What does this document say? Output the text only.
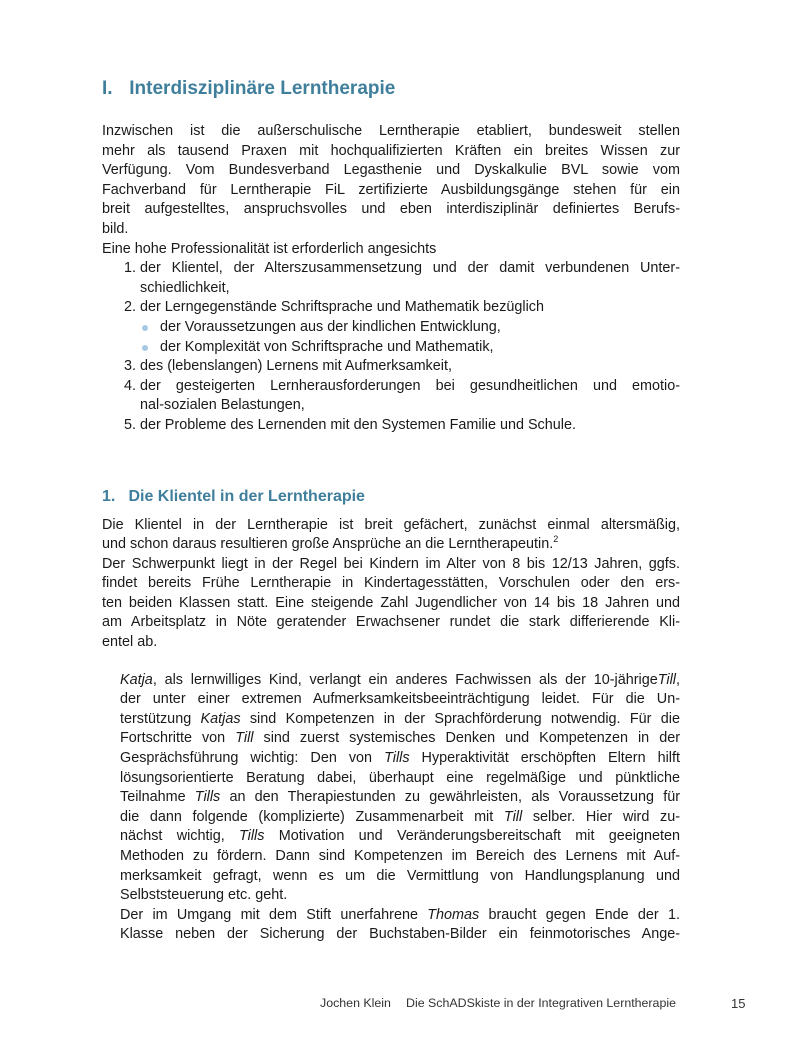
I. Interdisziplinäre Lerntherapie
Inzwischen ist die außerschulische Lerntherapie etabliert, bundesweit stellen
mehr als tausend Praxen mit hochqualifizierten Kräften ein breites Wissen zur
Verfügung. Vom Bundesverband Legasthenie und Dyskalkulie BVL sowie vom
Fachverband für Lerntherapie FiL zertifizierte Ausbildungsgänge stehen für ein
breit aufgestelltes, anspruchsvolles und eben interdisziplinär definiertes Berufs-
bild.
Eine hohe Professionalität ist erforderlich angesichts
1. der Klientel, der Alterszusammensetzung und der damit verbundenen Unter-
schiedlichkeit,
2. der Lerngegenstände Schriftsprache und Mathematik bezüglich
der Voraussetzungen aus der kindlichen Entwicklung,
der Komplexität von Schriftsprache und Mathematik,
3. des (lebenslangen) Lernens mit Aufmerksamkeit,
4. der gesteigerten Lernherausforderungen bei gesundheitlichen und emotio-
nal-sozialen Belastungen,
5. der Probleme des Lernenden mit den Systemen Familie und Schule.
1. Die Klientel in der Lerntherapie
Die Klientel in der Lerntherapie ist breit gefächert, zunächst einmal altersmäßig,
und schon daraus resultieren große Ansprüche an die Lerntherapeutin.$^2$
Der Schwerpunkt liegt in der Regel bei Kindern im Alter von 8 bis 12/13 Jahren, ggfs.
findet bereits Frühe Lerntherapie in Kindertagesstätten, Vorschulen oder den ers-
ten beiden Klassen statt. Eine steigende Zahl Jugendlicher von 14 bis 18 Jahren und
am Arbeitsplatz in Nöte geratender Erwachsener rundet die stark differierende Kli-
entel ab.
Katja, als lernwilliges Kind, verlangt ein anderes Fachwissen als der 10-jährigeTill,
der unter einer extremen Aufmerksamkeitsbeeinträchtigung leidet. Für die Un-
terstützung Katjas sind Kompetenzen in der Sprachförderung notwendig. Für die
Fortschritte von Till sind zuerst systemisches Denken und Kompetenzen in der
Gesprächsführung wichtig: Den von Tills Hyperaktivität erschöpften Eltern hilft
lösungsorientierte Beratung dabei, überhaupt eine regelmäßige und pünktliche
Teilnahme Tills an den Therapiestunden zu gewährleisten, als Voraussetzung für
die dann folgende (komplizierte) Zusammenarbeit mit Till selber. Hier wird zu-
nächst wichtig, Tills Motivation und Veränderungsbereitschaft mit geeigneten
Methoden zu fördern. Dann sind Kompetenzen im Bereich des Lernens mit Auf-
merksamkeit gefragt, wenn es um die Vermittlung von Handlungsplanung und
Selbststeuerung etc. geht.
Der im Umgang mit dem Stift unerfahrene Thomas braucht gegen Ende der 1.
Klasse neben der Sicherung der Buchstaben-Bilder ein feinmotorisches Ange-
Jochen Klein Die SchADSkiste in der Integrativen Lerntherapie	15
